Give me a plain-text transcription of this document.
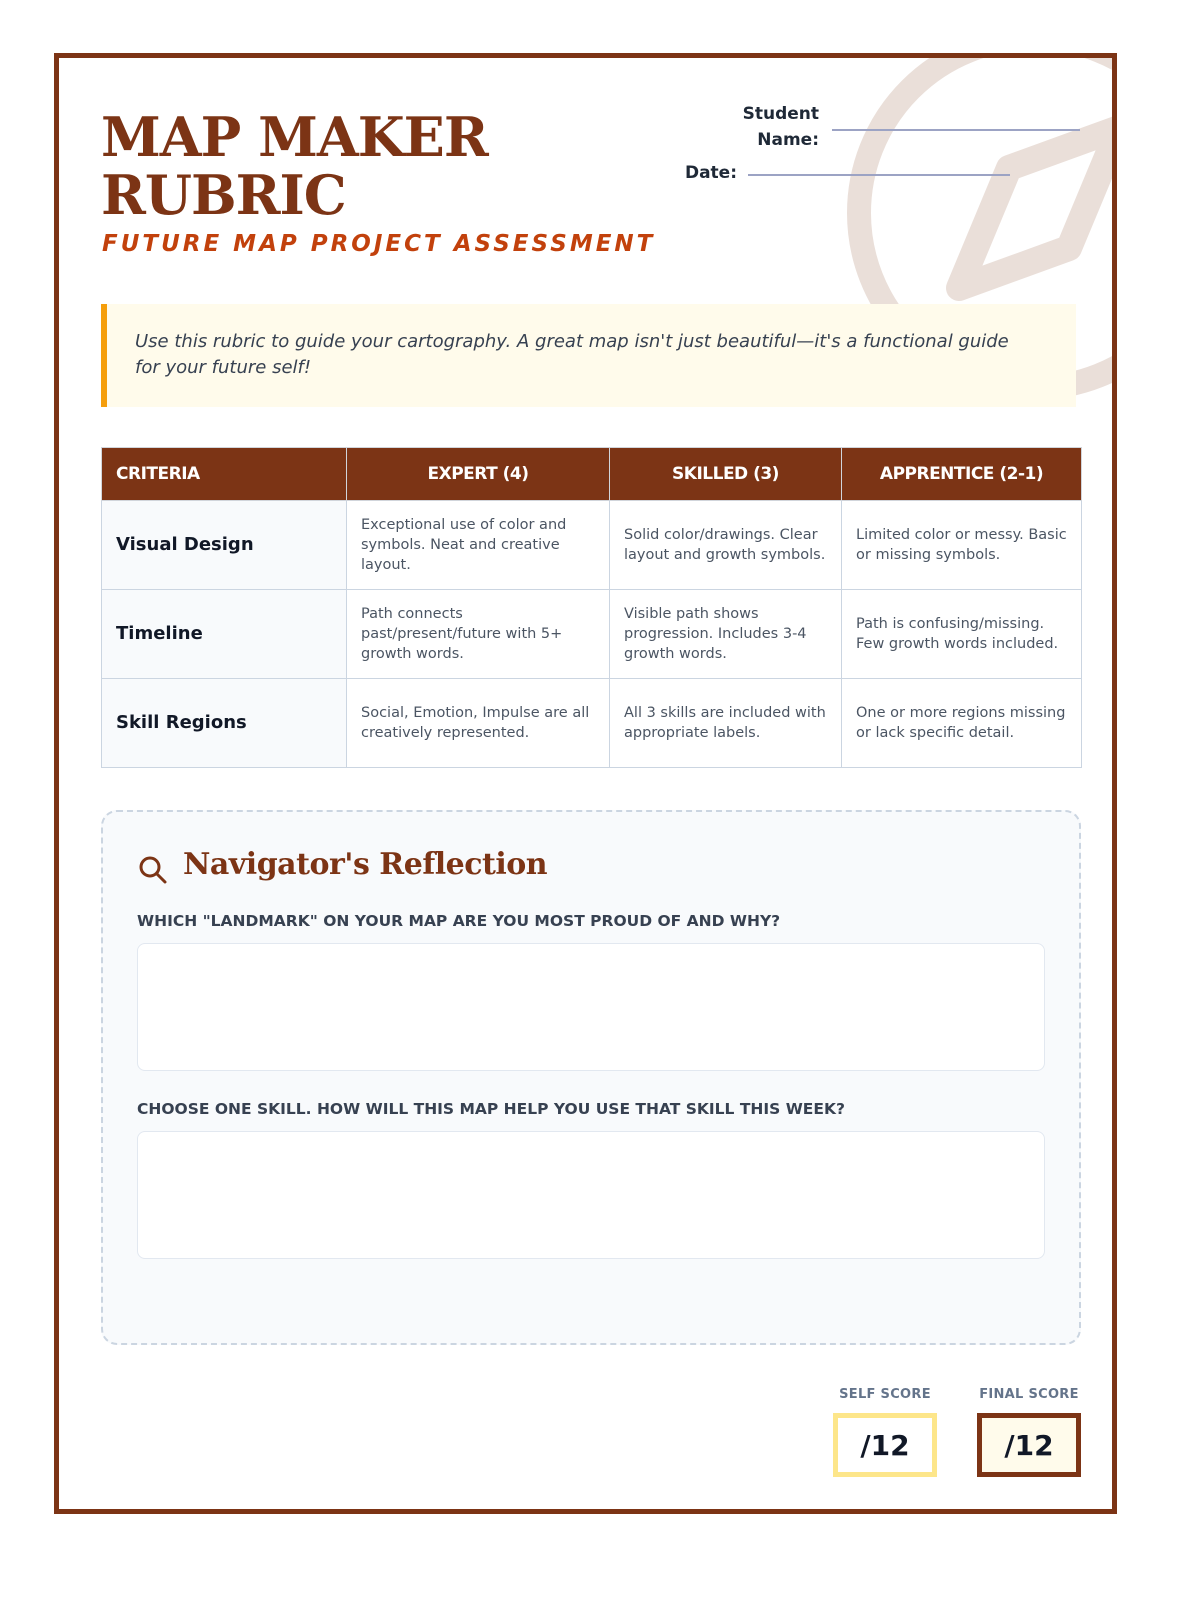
MAP MAKER RUBRIC
FUTURE MAP PROJECT ASSESSMENT
Student
Name:
Date:
Use this rubric to guide your cartography. A great map isn't just beautiful—it's a functional guide for your future self!
CRITERIA	EXPERT (4)	SKILLED (3)	APPRENTICE (2-1)
Visual Design	Exceptional use of color and symbols. Neat and creative layout.	Solid color/drawings. Clear layout and growth symbols.	Limited color or messy. Basic or missing symbols.
Timeline	Path connects past/present/future with 5+ growth words.	Visible path shows progression. Includes 3-4 growth words.	Path is confusing/missing. Few growth words included.
Skill Regions	Social, Emotion, Impulse are all creatively represented.	All 3 skills are included with appropriate labels.	One or more regions missing or lack specific detail.
Navigator's Reflection
WHICH "LANDMARK" ON YOUR MAP ARE YOU MOST PROUD OF AND WHY?
CHOOSE ONE SKILL. HOW WILL THIS MAP HELP YOU USE THAT SKILL THIS WEEK?
SELF SCORE
/12
FINAL SCORE
/12
